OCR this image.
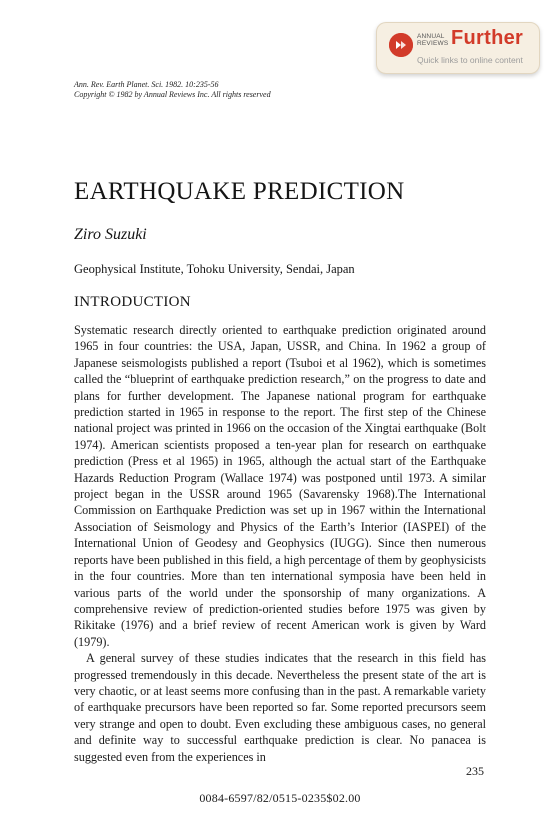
ANNUAL REVIEWS Further
Quick links to online content
Ann. Rev. Earth Planet. Sci. 1982. 10:235-56
Copyright © 1982 by Annual Reviews Inc. All rights reserved
EARTHQUAKE PREDICTION
Ziro Suzuki
Geophysical Institute, Tohoku University, Sendai, Japan
INTRODUCTION

Systematic research directly oriented to earthquake prediction originated around 1965 in four countries: the USA, Japan, USSR, and China. In 1962 a group of Japanese seismologists published a report (Tsuboi et al 1962), which is sometimes called the “blueprint of earthquake prediction research,” on the progress to date and plans for further development. The Japanese national program for earthquake prediction started in 1965 in response to the report. The first step of the Chinese national project was printed in 1966 on the occasion of the Xingtai earthquake (Bolt 1974). American scientists proposed a ten-year plan for research on earthquake prediction (Press et al 1965) in 1965, although the actual start of the Earthquake Hazards Reduction Program (Wallace 1974) was postponed until 1973. A similar project began in the USSR around 1965 (Savarensky 1968).The International Commission on Earthquake Prediction was set up in 1967 within the International Association of Seismology and Physics of the Earth’s Interior (IASPEI) of the International Union of Geodesy and Geophysics (IUGG). Since then numerous reports have been published in this field, a high percentage of them by geophysicists in the four countries. More than ten international symposia have been held in various parts of the world under the sponsorship of many organizations. A comprehensive review of prediction-oriented studies before 1975 was given by Rikitake (1976) and a brief review of recent American work is given by Ward (1979).

A general survey of these studies indicates that the research in this field has progressed tremendously in this decade. Nevertheless the present state of the art is very chaotic, or at least seems more confusing than in the past. A remarkable variety of earthquake precursors have been reported so far. Some reported precursors seem very strange and open to doubt. Even excluding these ambiguous cases, no general and definite way to successful earthquake prediction is clear. No panacea is suggested even from the experiences in

235
0084-6597/82/0515-0235$02.00
